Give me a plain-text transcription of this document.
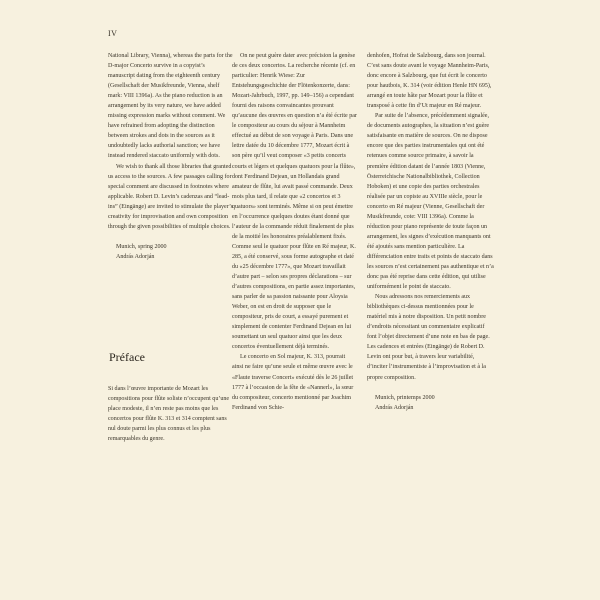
IV

National Library, Vienna), whereas the parts for the D-major Concerto survive in a copyist’s manuscript dating from the eighteenth century (Gesellschaft der Musikfreunde, Vienna, shelf mark: VIII 1396a). As the piano reduction is an arrangement by its very nature, we have added missing expression marks without comment. We have refrained from adopting the distinction between strokes and dots in the sources as it undoubtedly lacks authorial sanction; we have instead rendered staccato uniformly with dots.

We wish to thank all those libraries that granted us access to the sources. A few passages calling for special comment are discussed in footnotes where applicable. Robert D. Levin’s cadenzas and “lead-ins” (Eingänge) are invited to stimulate the player’s creativity for improvisation and own composition through the given possibilities of multiple choices.

Munich, spring 2000

András Adorján

Préface

Si dans l’œuvre importante de Mozart les compositions pour flûte soliste n’occupent qu’une place modeste, il n’en reste pas moins que les concertos pour flûte K. 313 et 314 comptent sans nul doute parmi les plus connus et les plus remarquables du genre.

On ne peut guère dater avec précision la genèse de ces deux concertos. La recherche récente (cf. en particulier: Henrik Wiese: Zur Entstehungsgeschichte der Flötenkonzerte, dans: Mozart-Jahrbuch, 1997, pp. 149–156) a cependant fourni des raisons convaincantes prouvant qu’aucune des œuvres en question n’a été écrite par le compositeur au cours du séjour à Mannheim effectué au début de son voyage à Paris. Dans une lettre datée du 10 décembre 1777, Mozart écrit à son père qu’il veut composer «3 petits concerts courts et légers et quelques quatuors pour la flûte», dont Ferdinand Dejean, un Hollandais grand amateur de flûte, lui avait passé commande. Deux mois plus tard, il relate que «2 concertos et 3 quatuors» sont terminés. Même si on peut émettre en l’occurrence quelques doutes étant donné que l’auteur de la commande réduit finalement de plus de la moitié les honoraires préalablement fixés. Comme seul le quatuor pour flûte en Ré majeur, K. 285, a été conservé, sous forme autographe et daté du «25 décembre 1777», que Mozart travaillait d’autre part – selon ses propres déclarations – sur d’autres compositions, en partie assez importantes, sans parler de sa passion naissante pour Aloysia Weber, on est en droit de supposer que le compositeur, pris de court, a essayé purement et simplement de contenter Ferdinand Dejean en lui soumettant un seul quatuor ainsi que les deux concertos éventuellement déjà terminés.

Le concerto en Sol majeur, K. 313, pourrait ainsi ne faire qu’une seule et même œuvre avec le «Flaute traverse Concert» exécuté dès le 26 juillet 1777 à l’occasion de la fête de «Nannerl», la sœur du compositeur, concerto mentionné par Joachim Ferdinand von Schie-

denhofen, Hofrat de Salzbourg, dans son journal. C’est sans doute avant le voyage Mannheim-Paris, donc encore à Salzbourg, que fut écrit le concerto pour hautbois, K. 314 (voir édition Henle HN 695), arrangé en toute hâte par Mozart pour la flûte et transposé à cette fin d’Ut majeur en Ré majeur.

Par suite de l’absence, précédemment signalée, de documents autographes, la situation n’est guère satisfaisante en matière de sources. On ne dispose encore que des parties instrumentales qui ont été retenues comme source primaire, à savoir la première édition datant de l’année 1803 (Vienne, Österreichische Nationalbibliothek, Collection Hoboken) et une copie des parties orchestrales réalisée par un copiste au XVIIIe siècle, pour le concerto en Ré majeur (Vienne, Gesellschaft der Musikfreunde, cote: VIII 1396a). Comme la réduction pour piano représente de toute façon un arrangement, les signes d’exécution manquants ont été ajoutés sans mention particulière. La différenciation entre traits et points de staccato dans les sources n’est certainement pas authentique et n’a donc pas été reprise dans cette édition, qui utilise uniformément le point de staccato.

Nous adressons nos remerciements aux bibliothèques ci-dessus mentionnées pour le matériel mis à notre disposition. Un petit nombre d’endroits nécessitant un commentaire explicatif font l’objet directement d’une note en bas de page. Les cadences et entrées (Eingänge) de Robert D. Levin ont pour but, à travers leur variabilité, d’inciter l’instrumentiste à l’improvisation et à la propre composition.

Munich, printemps 2000

András Adorján
